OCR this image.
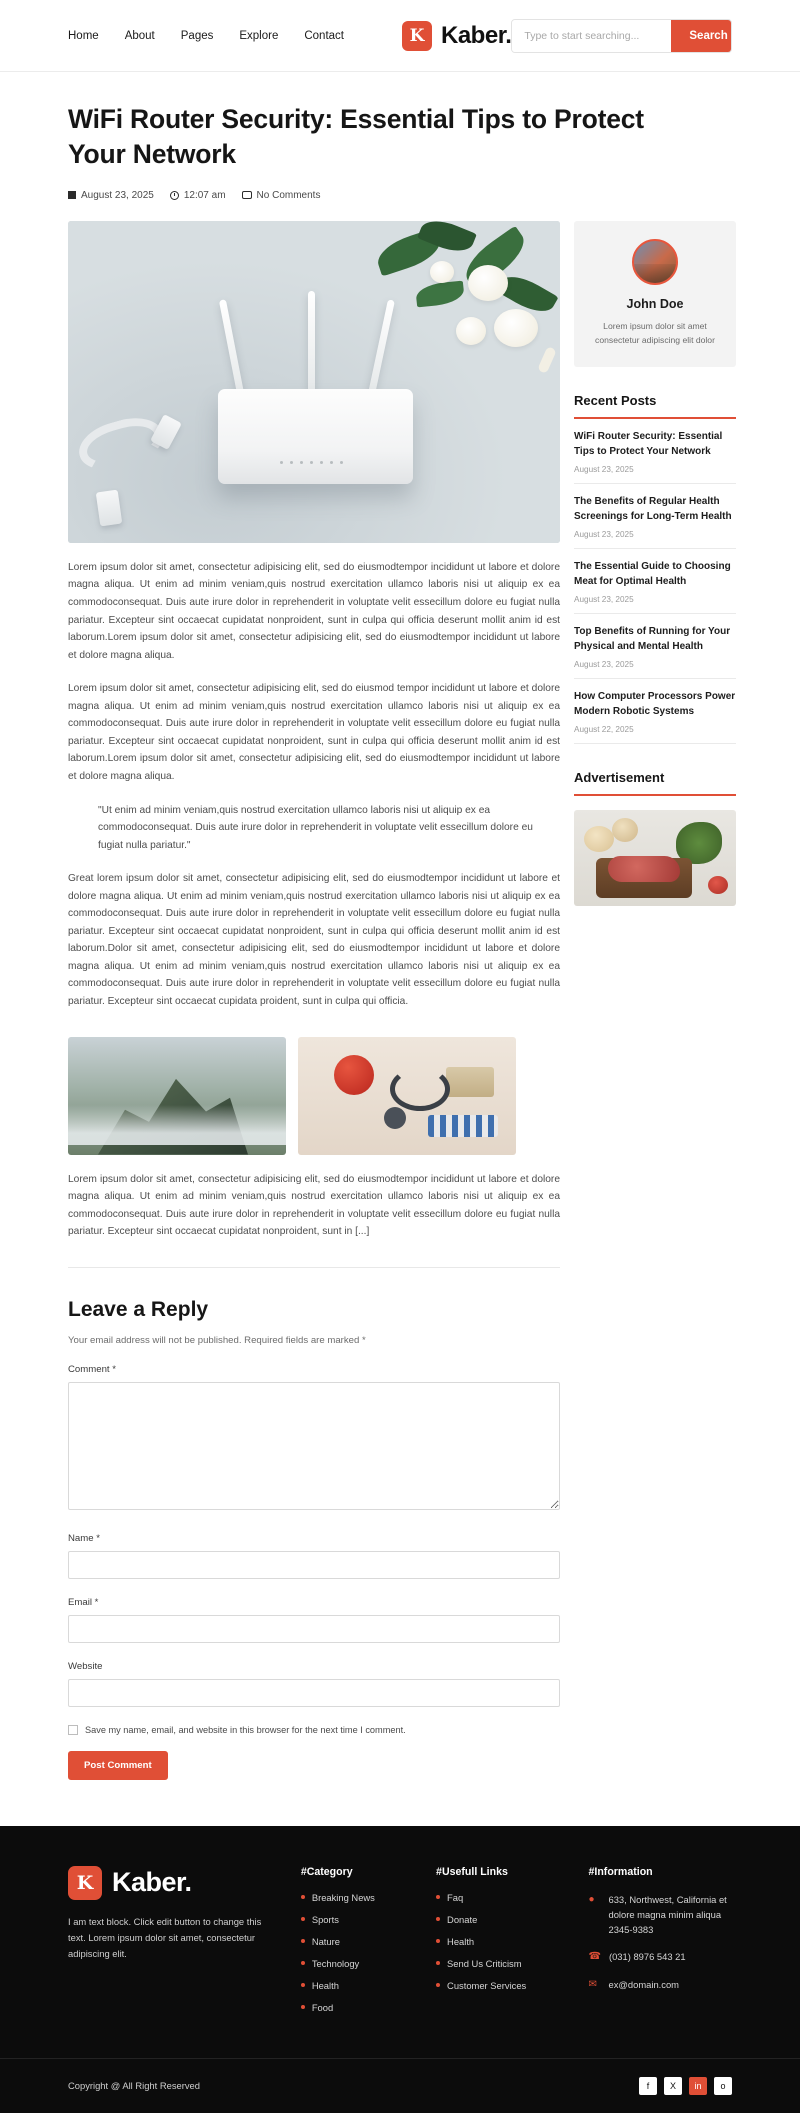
Home About Pages Explore Contact	K Kaber.
Type to start searching...	Search
WiFi Router Security: Essential Tips to Protect Your Network
August 23, 2025	12:07 am	No Comments

Lorem ipsum dolor sit amet, consectetur adipisicing elit, sed do eiusmodtempor incididunt ut labore et dolore magna aliqua. Ut enim ad minim veniam,quis nostrud exercitation ullamco laboris nisi ut aliquip ex ea commodoconsequat. Duis aute irure dolor in reprehenderit in voluptate velit essecillum dolore eu fugiat nulla pariatur. Excepteur sint occaecat cupidatat nonproident, sunt in culpa qui officia deserunt mollit anim id est laborum.Lorem ipsum dolor sit amet, consectetur adipisicing elit, sed do eiusmodtempor incididunt ut labore et dolore magna aliqua.

Lorem ipsum dolor sit amet, consectetur adipisicing elit, sed do eiusmod tempor incididunt ut labore et dolore magna aliqua. Ut enim ad minim veniam,quis nostrud exercitation ullamco laboris nisi ut aliquip ex ea commodoconsequat. Duis aute irure dolor in reprehenderit in voluptate velit essecillum dolore eu fugiat nulla pariatur. Excepteur sint occaecat cupidatat nonproident, sunt in culpa qui officia deserunt mollit anim id est laborum.Lorem ipsum dolor sit amet, consectetur adipisicing elit, sed do eiusmodtempor incididunt ut labore et dolore magna aliqua.

"Ut enim ad minim veniam,quis nostrud exercitation ullamco laboris nisi ut aliquip ex ea commodoconsequat. Duis aute irure dolor in reprehenderit in voluptate velit essecillum dolore eu fugiat nulla pariatur."

Great lorem ipsum dolor sit amet, consectetur adipisicing elit, sed do eiusmodtempor incididunt ut labore et dolore magna aliqua. Ut enim ad minim veniam,quis nostrud exercitation ullamco laboris nisi ut aliquip ex ea commodoconsequat. Duis aute irure dolor in reprehenderit in voluptate velit essecillum dolore eu fugiat nulla pariatur. Excepteur sint occaecat cupidatat nonproident, sunt in culpa qui officia deserunt mollit anim id est laborum.Dolor sit amet, consectetur adipisicing elit, sed do eiusmodtempor incididunt ut labore et dolore magna aliqua. Ut enim ad minim veniam,quis nostrud exercitation ullamco laboris nisi ut aliquip ex ea commodoconsequat. Duis aute irure dolor in reprehenderit in voluptate velit essecillum dolore eu fugiat nulla pariatur. Excepteur sint occaecat cupidata proident, sunt in culpa qui officia.

Lorem ipsum dolor sit amet, consectetur adipisicing elit, sed do eiusmodtempor incididunt ut labore et dolore magna aliqua. Ut enim ad minim veniam,quis nostrud exercitation ullamco laboris nisi ut aliquip ex ea commodoconsequat. Duis aute irure dolor in reprehenderit in voluptate velit essecillum dolore eu fugiat nulla pariatur. Excepteur sint occaecat cupidatat nonproident, sunt in [...]

John Doe
Lorem ipsum dolor sit amet consectetur adipiscing elit dolor
Recent Posts

WiFi Router Security: Essential Tips to Protect Your Network

August 23, 2025

The Benefits of Regular Health Screenings for Long-Term Health

August 23, 2025

The Essential Guide to Choosing Meat for Optimal Health

August 23, 2025

Top Benefits of Running for Your Physical and Mental Health

August 23, 2025

How Computer Processors Power Modern Robotic Systems

August 22, 2025
Advertisement
Leave a Reply
Your email address will not be published. Required fields are marked *
Comment *
Name *
Email *
Website
Save my name, email, and website in this browser for the next time I comment.
Post Comment
K Kaber.
I am text block. Click edit button to change this text. Lorem ipsum dolor sit amet, consectetur adipiscing elit.
#Category
Breaking News
Sports
Nature
Technology
Health
Food
#Usefull Links
Faq
Donate
Health
Send Us Criticism
Customer Services
#Information
●	633, Northwest, California et dolore magna minim aliqua 2345-9383
☎ (031) 8976 543 21
✉	ex@domain.com
Copyright @ All Right Reserved	f	X	in	o
